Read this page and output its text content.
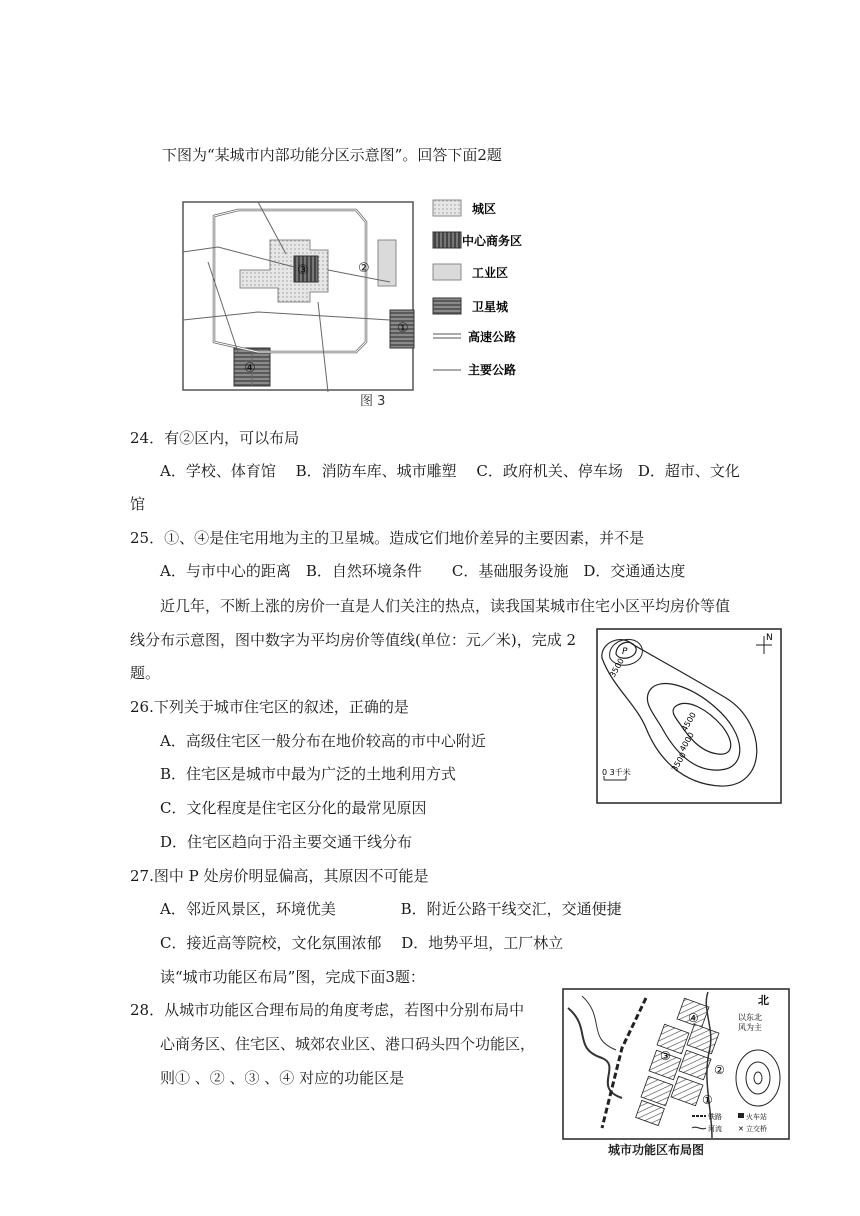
下图为“某城市内部功能分区示意图”。回答下面2题
③	②
①
④
图 3
城区
中心商务区
工业区
卫星城
高速公路
主要公路
24．有②区内，可以布局
A．学校、体育馆　 B．消防车库、城市雕塑　 C．政府机关、停车场　D．超市、文化
馆
25．①、④是住宅用地为主的卫星城。造成它们地价差异的主要因素，并不是
A．与市中心的距离　B．自然环境条件　　C．基础服务设施　D．交通通达度
近几年，不断上涨的房价一直是人们关注的热点，读我国某城市住宅小区平均房价等值
线分布示意图，图中数字为平均房价等值线(单位：元／米)，完成 2
题。
N
P
3500
4500
4000
3500
0 3千米
26.下列关于城市住宅区的叙述，正确的是
A．高级住宅区一般分布在地价较高的市中心附近
B．住宅区是城市中最为广泛的土地利用方式
C．文化程度是住宅区分化的最常见原因
D．住宅区趋向于沿主要交通干线分布
27.图中 P 处房价明显偏高，其原因不可能是
A．邻近风景区，环境优美　　　　 B．附近公路干线交汇，交通便捷
C．接近高等院校，文化氛围浓郁　 D．地势平坦，工厂林立
读“城市功能区布局”图，完成下面3题：
28．从城市功能区合理布局的角度考虑，若图中分别布局中
心商务区、住宅区、城郊农业区、港口码头四个功能区，
则① 、② 、③ 、④ 对应的功能区是
北
以东北
风为主
④
③
②
①
铁路	火车站
河流 ✕ 立交桥
城市功能区布局图
